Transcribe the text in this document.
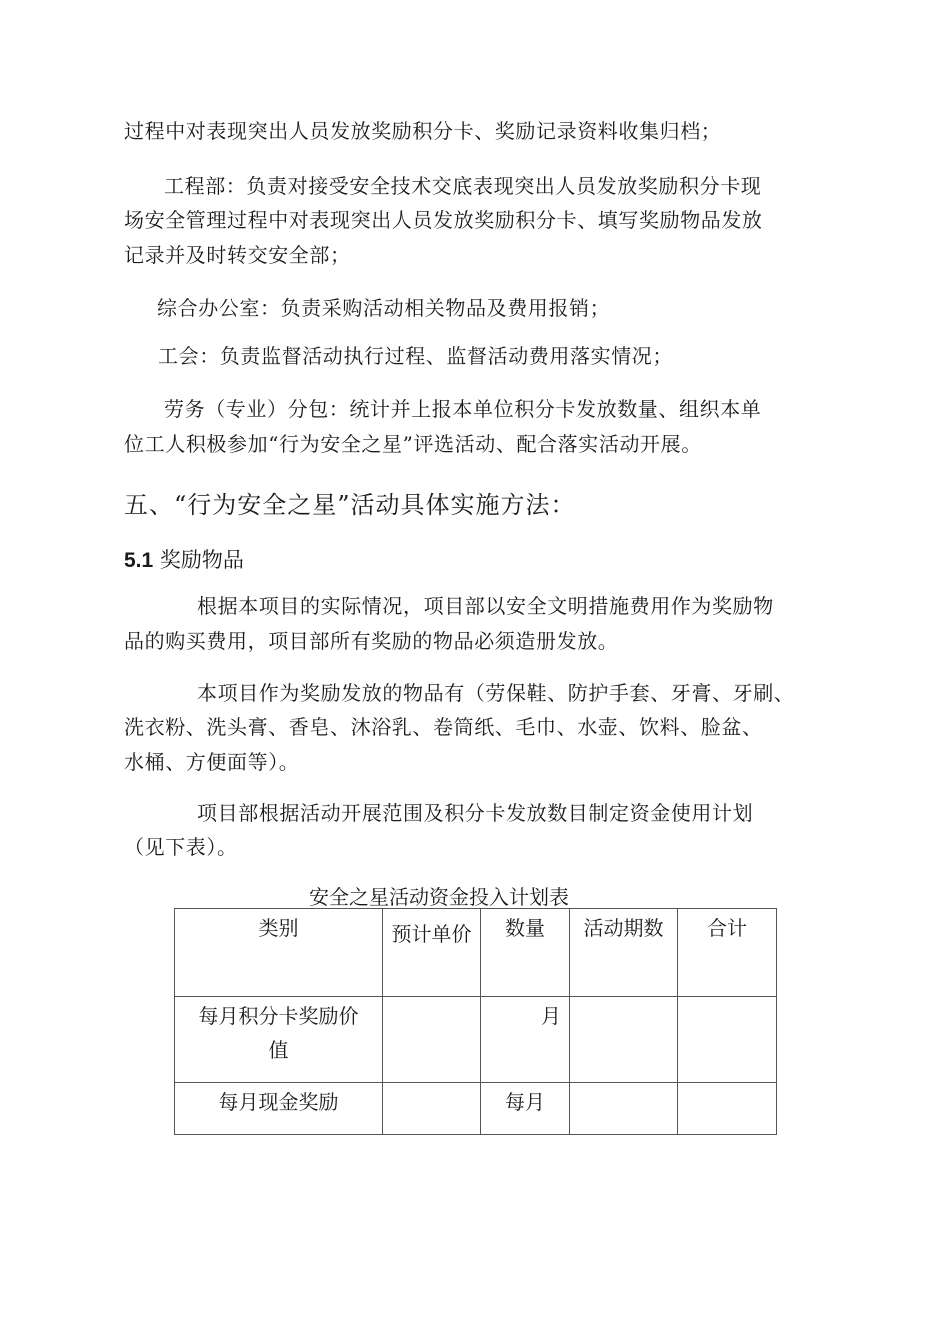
过程中对表现突出人员发放奖励积分卡、奖励记录资料收集归档；
工程部：负责对接受安全技术交底表现突出人员发放奖励积分卡现
场安全管理过程中对表现突出人员发放奖励积分卡、填写奖励物品发放
记录并及时转交安全部；
综合办公室：负责采购活动相关物品及费用报销；
工会：负责监督活动执行过程、监督活动费用落实情况；
劳务（专业）分包：统计并上报本单位积分卡发放数量、组织本单
位工人积极参加“行为安全之星”评选活动、配合落实活动开展。
五、“行为安全之星”活动具体实施方法：
5.1 奖励物品
根据本项目的实际情况，项目部以安全文明措施费用作为奖励物
品的购买费用，项目部所有奖励的物品必须造册发放。
本项目作为奖励发放的物品有（劳保鞋、防护手套、牙膏、牙刷、
洗衣粉、洗头膏、香皂、沐浴乳、卷筒纸、毛巾、水壶、饮料、脸盆、
水桶、方便面等）。
项目部根据活动开展范围及积分卡发放数目制定资金使用计划
（见下表）。
安全之星活动资金投入计划表
类别	预计单价	数量	活动期数	合计
每月积分卡奖励价值		月		
每月现金奖励		每月		
